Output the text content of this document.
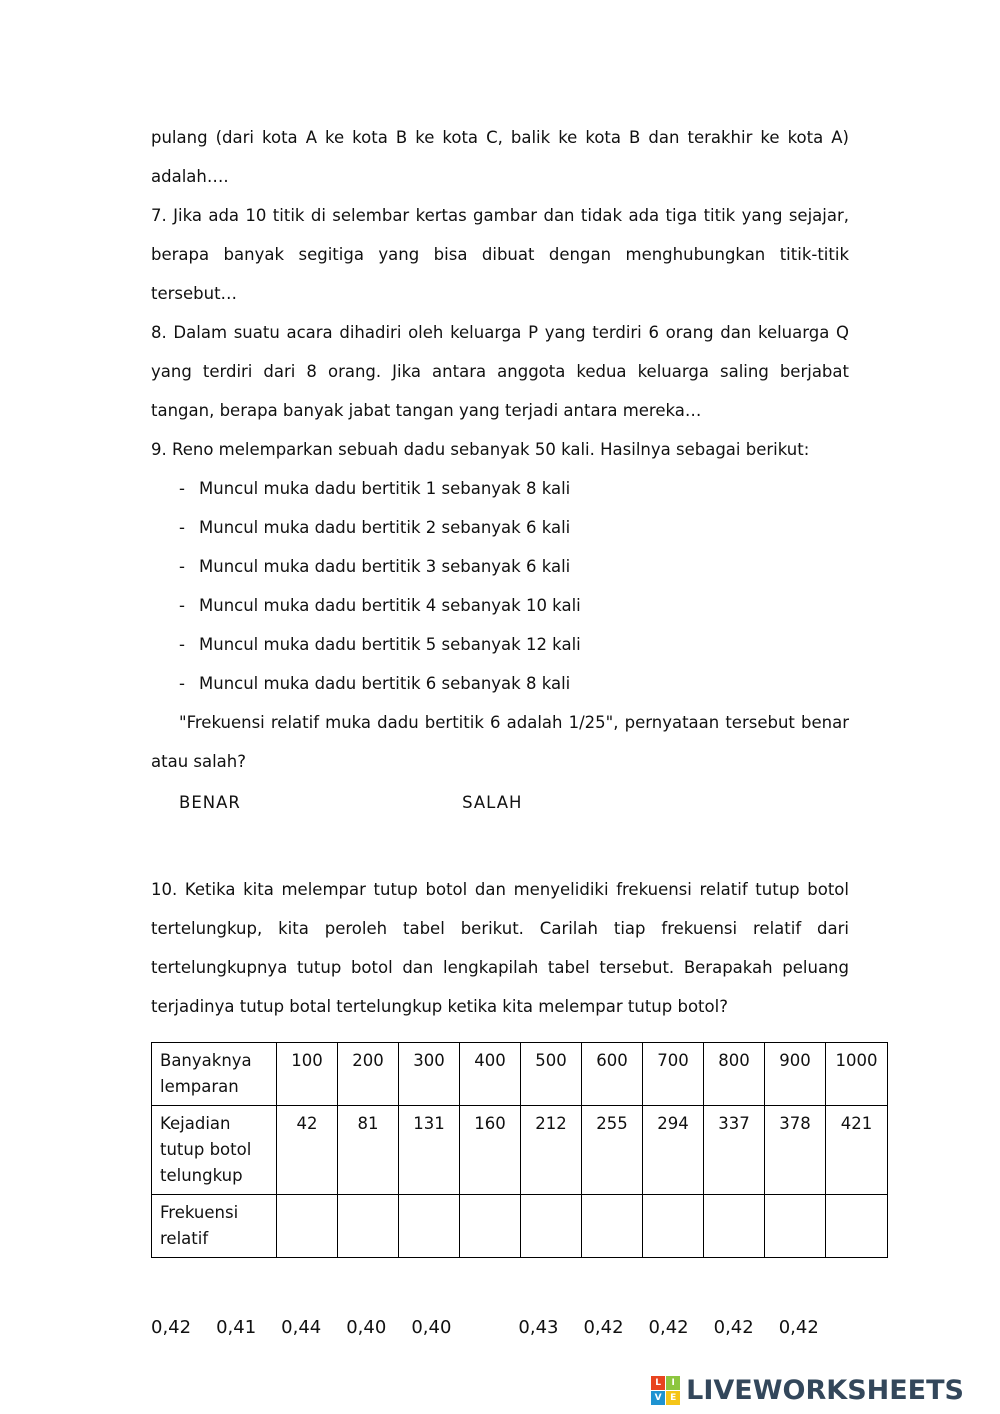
pulang (dari kota A ke kota B ke kota C, balik ke kota B dan terakhir ke kota A) adalah….

7. Jika ada 10 titik di selembar kertas gambar dan tidak ada tiga titik yang sejajar, berapa banyak segitiga yang bisa dibuat dengan menghubungkan titik-titik tersebut…

8. Dalam suatu acara dihadiri oleh keluarga P yang terdiri 6 orang dan keluarga Q yang terdiri dari 8 orang. Jika antara anggota kedua keluarga saling berjabat tangan, berapa banyak jabat tangan yang terjadi antara mereka…

9. Reno melemparkan sebuah dadu sebanyak 50 kali. Hasilnya sebagai berikut:

- Muncul muka dadu bertitik 1 sebanyak 8 kali
- Muncul muka dadu bertitik 2 sebanyak 6 kali
- Muncul muka dadu bertitik 3 sebanyak 6 kali
- Muncul muka dadu bertitik 4 sebanyak 10 kali
- Muncul muka dadu bertitik 5 sebanyak 12 kali
- Muncul muka dadu bertitik 6 sebanyak 8 kali

"Frekuensi relatif muka dadu bertitik 6 adalah 1/25", pernyataan tersebut benar atau salah?

BENAR	SALAH

10. Ketika kita melempar tutup botol dan menyelidiki frekuensi relatif tutup botol tertelungkup, kita peroleh tabel berikut. Carilah tiap frekuensi relatif dari tertelungkupnya tutup botol dan lengkapilah tabel tersebut. Berapakah peluang terjadinya tutup botal tertelungkup ketika kita melempar tutup botol?

Banyaknya lemparan	100	200	300	400	500	600	700	800	900	1000
Kejadian tutup botol telungkup	42	81	131	160	212	255	294	337	378	421
Frekuensi relatif										
0,42 0,41 0,44 0,40 0,40	0,43 0,42 0,42 0,42 0,42
L	I
V E LIVEWORKSHEETS
